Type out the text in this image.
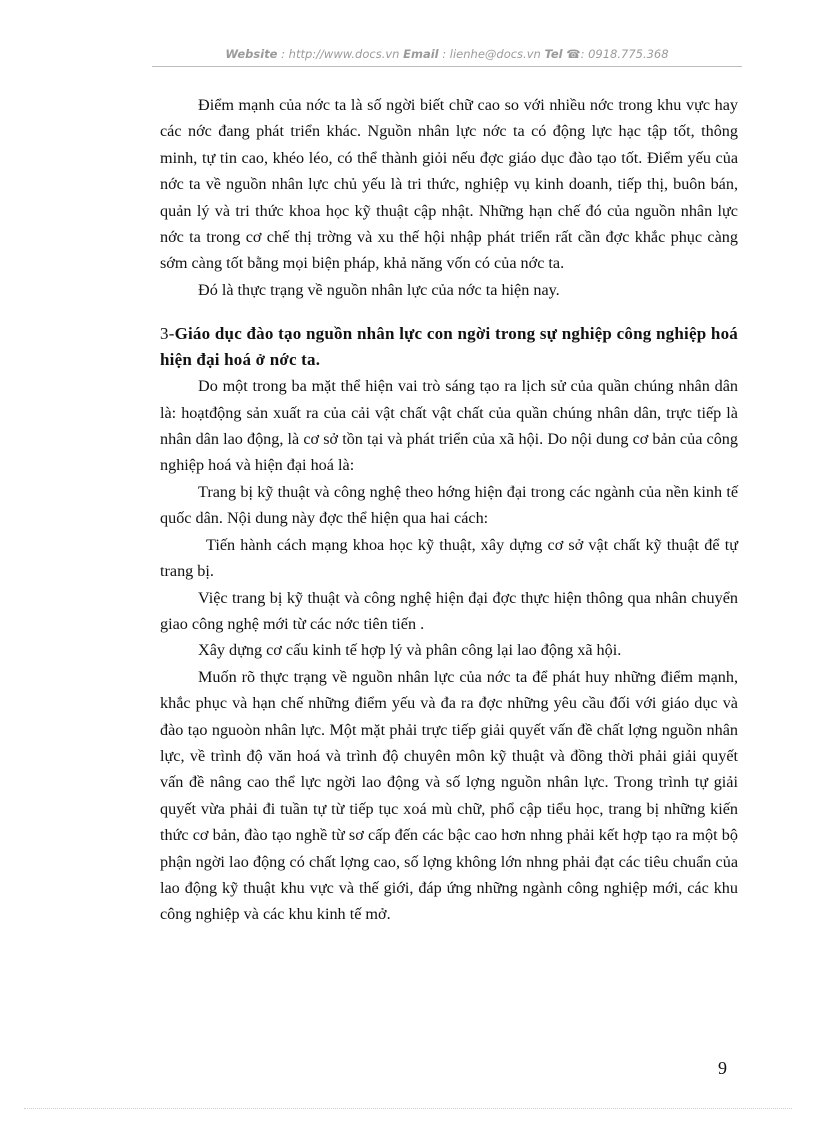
Website : http://www.docs.vn Email : lienhe@docs.vn Tel ☎: 0918.775.368

Điểm mạnh của nớc ta là số ngời biết chữ cao so với nhiều nớc trong khu vực hay các nớc đang phát triển khác. Nguồn nhân lực nớc ta có động lực hạc tập tốt, thông minh, tự tin cao, khéo léo, có thể thành giỏi nếu đợc giáo dục đào tạo tốt. Điểm yếu của nớc ta về nguồn nhân lực chủ yếu là tri thức, nghiệp vụ kinh doanh, tiếp thị, buôn bán, quản lý và tri thức khoa học kỹ thuật cập nhật. Những hạn chế đó của nguồn nhân lực nớc ta trong cơ chế thị trờng và xu thế hội nhập phát triển rất cần đợc khắc phục càng sớm càng tốt bằng mọi biện pháp, khả năng vốn có của nớc ta.

Đó là thực trạng về nguồn nhân lực của nớc ta hiện nay.

3-Giáo dục đào tạo nguồn nhân lực con ngời trong sự nghiệp công nghiệp hoá hiện đại hoá ở nớc ta.

Do một trong ba mặt thể hiện vai trò sáng tạo ra lịch sử của quần chúng nhân dân là: hoạtđộng sản xuất ra của cải vật chất vật chất của quần chúng nhân dân, trực tiếp là nhân dân lao động, là cơ sở tồn tại và phát triển của xã hội. Do nội dung cơ bản của công nghiệp hoá và hiện đại hoá là:

Trang bị kỹ thuật và công nghệ theo hớng hiện đại trong các ngành của nền kinh tế quốc dân. Nội dung này đợc thể hiện qua hai cách:

Tiến hành cách mạng khoa học kỹ thuật, xây dựng cơ sở vật chất kỹ thuật để tự trang bị.

Việc trang bị kỹ thuật và công nghệ hiện đại đợc thực hiện thông qua nhân chuyển giao công nghệ mới từ các nớc tiên tiến .

Xây dựng cơ cấu kinh tế hợp lý và phân công lại lao động xã hội.

Muốn rõ thực trạng về nguồn nhân lực của nớc ta để phát huy những điểm mạnh, khắc phục và hạn chế những điểm yếu và đa ra đợc những yêu cầu đối với giáo dục và đào tạo nguoòn nhân lực. Một mặt phải trực tiếp giải quyết vấn đề chất lợng nguồn nhân lực, về trình độ văn hoá và trình độ chuyên môn kỹ thuật và đồng thời phải giải quyết vấn đề nâng cao thể lực ngời lao động và số lợng nguồn nhân lực. Trong trình tự giải quyết vừa phải đi tuần tự từ tiếp tục xoá mù chữ, phổ cập tiểu học, trang bị những kiến thức cơ bản, đào tạo nghề từ sơ cấp đến các bậc cao hơn nhng phải kết hợp tạo ra một bộ phận ngời lao động có chất lợng cao, số lợng không lớn nhng phải đạt các tiêu chuẩn của lao động kỹ thuật khu vực và thế giới, đáp ứng những ngành công nghiệp mới, các khu công nghiệp và các khu kinh tế mở.

9
